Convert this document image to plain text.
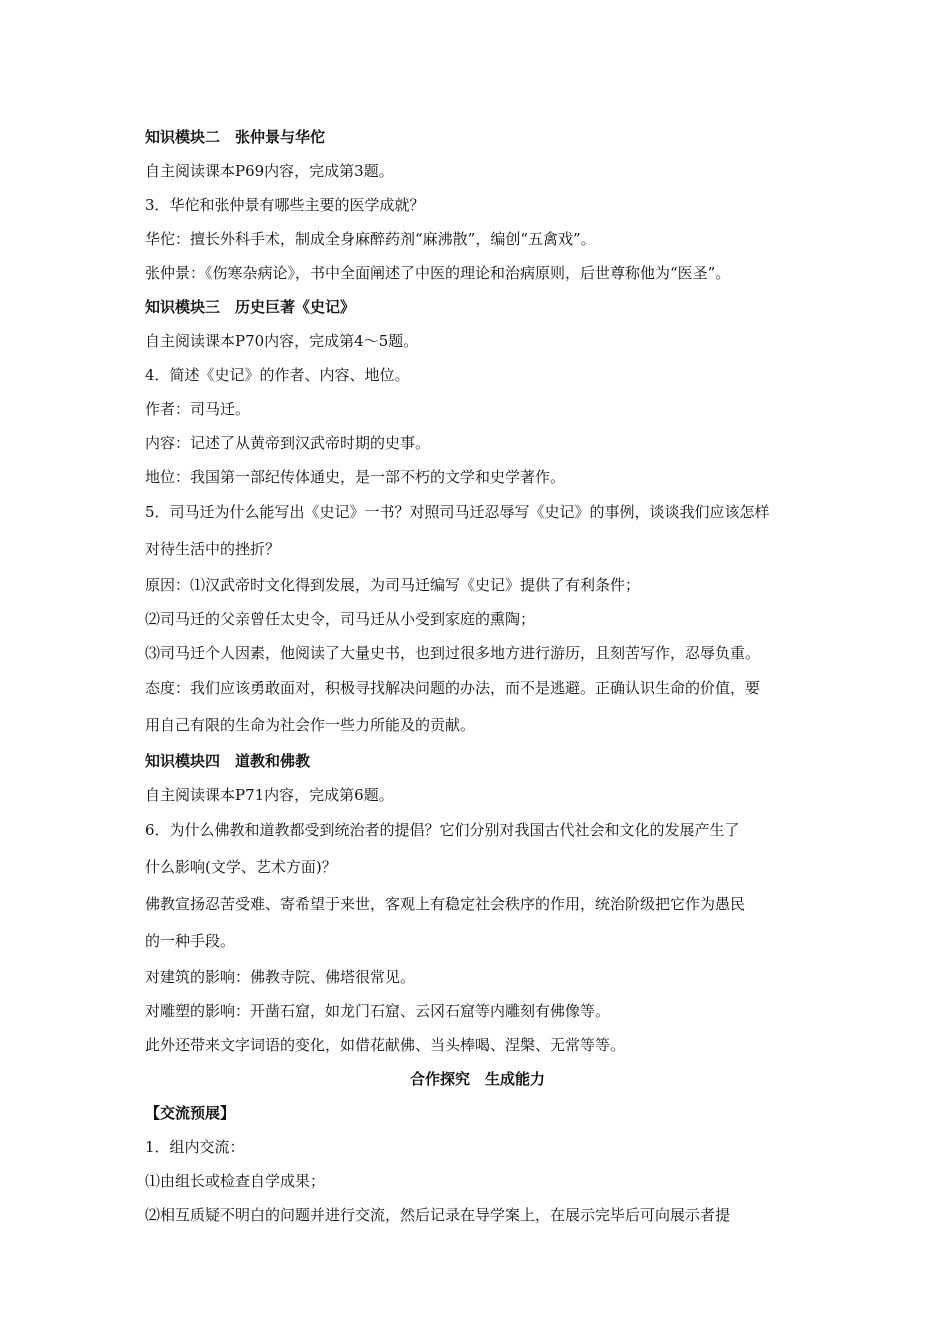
知识模块二　张仲景与华佗
自主阅读课本P69内容，完成第3题。
3．华佗和张仲景有哪些主要的医学成就？
华佗：擅长外科手术，制成全身麻醉药剂“麻沸散”，编创“五禽戏”。
张仲景：《伤寒杂病论》，书中全面阐述了中医的理论和治病原则，后世尊称他为“医圣”。
知识模块三　历史巨著《史记》
自主阅读课本P70内容，完成第4～5题。
4．简述《史记》的作者、内容、地位。
作者：司马迁。
内容：记述了从黄帝到汉武帝时期的史事。
地位：我国第一部纪传体通史，是一部不朽的文学和史学著作。
5．司马迁为什么能写出《史记》一书？对照司马迁忍辱写《史记》的事例，谈谈我们应该怎样
对待生活中的挫折？
原因：⑴汉武帝时文化得到发展，为司马迁编写《史记》提供了有利条件；
⑵司马迁的父亲曾任太史令，司马迁从小受到家庭的熏陶；
⑶司马迁个人因素，他阅读了大量史书，也到过很多地方进行游历，且刻苦写作，忍辱负重。
态度：我们应该勇敢面对，积极寻找解决问题的办法，而不是逃避。正确认识生命的价值，要
用自己有限的生命为社会作一些力所能及的贡献。
知识模块四　道教和佛教
自主阅读课本P71内容，完成第6题。
6．为什么佛教和道教都受到统治者的提倡？它们分别对我国古代社会和文化的发展产生了
什么影响(文学、艺术方面)？
佛教宣扬忍苦受难、寄希望于来世，客观上有稳定社会秩序的作用，统治阶级把它作为愚民
的一种手段。
对建筑的影响：佛教寺院、佛塔很常见。
对雕塑的影响：开凿石窟，如龙门石窟、云冈石窟等内雕刻有佛像等。
此外还带来文字词语的变化，如借花献佛、当头棒喝、涅槃、无常等等。
合作探究　生成能力
【交流预展】
1．组内交流：
⑴由组长或检查自学成果；
⑵相互质疑不明白的问题并进行交流，然后记录在导学案上，在展示完毕后可向展示者提
